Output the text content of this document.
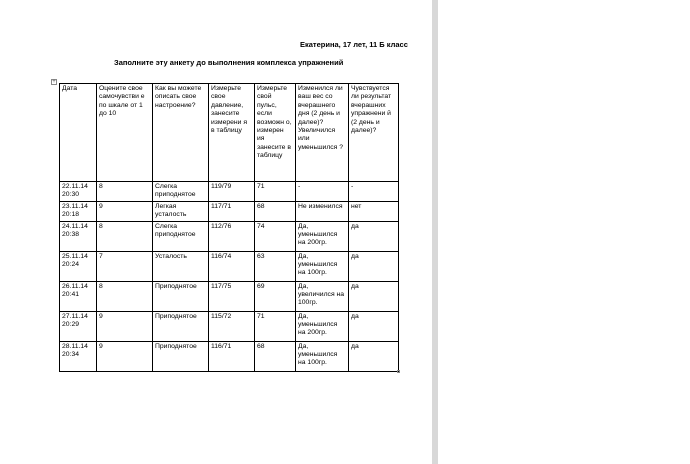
Екатерина, 17 лет, 11 Б класс
Заполните эту анкету до выполнения комплекса упражнений
+
Дата	Оцените свое самочувстви е по шкале от 1 до 10	Как вы можете описать свое настроение?	Измерьте свое давление, занесите измерени я в таблицу	Измерьте свой пульс, если возможн о, измерен ия занесите в таблицу	Изменился ли ваш вес со вчерашнего дня (2 день и далее)? Увеличился или уменьшился ?	Чувствуется ли результат вчерашних упражнени й (2 день и далее)?
22.11.14 20:30	8	Слегка приподнятое	119/79	71	-	-
23.11.14 20:18	9	Легкая усталость	117/71	68	Не изменился	нет
24.11.14 20:38	8	Слегка приподнятое	112/76	74	Да, уменьшился на 200гр.	да
25.11.14 20:24	7	Усталость	116/74	63	Да, уменьшился на 100гр.	да
26.11.14 20:41	8	Приподнятое	117/75	69	Да, увеличился на 100гр.	да
27.11.14 20:29	9	Приподнятое	115/72	71	Да, уменьшился на 200гр.	да
28.11.14 20:34	9	Приподнятое	116/71	68	Да, уменьшился на 100гр.	да
